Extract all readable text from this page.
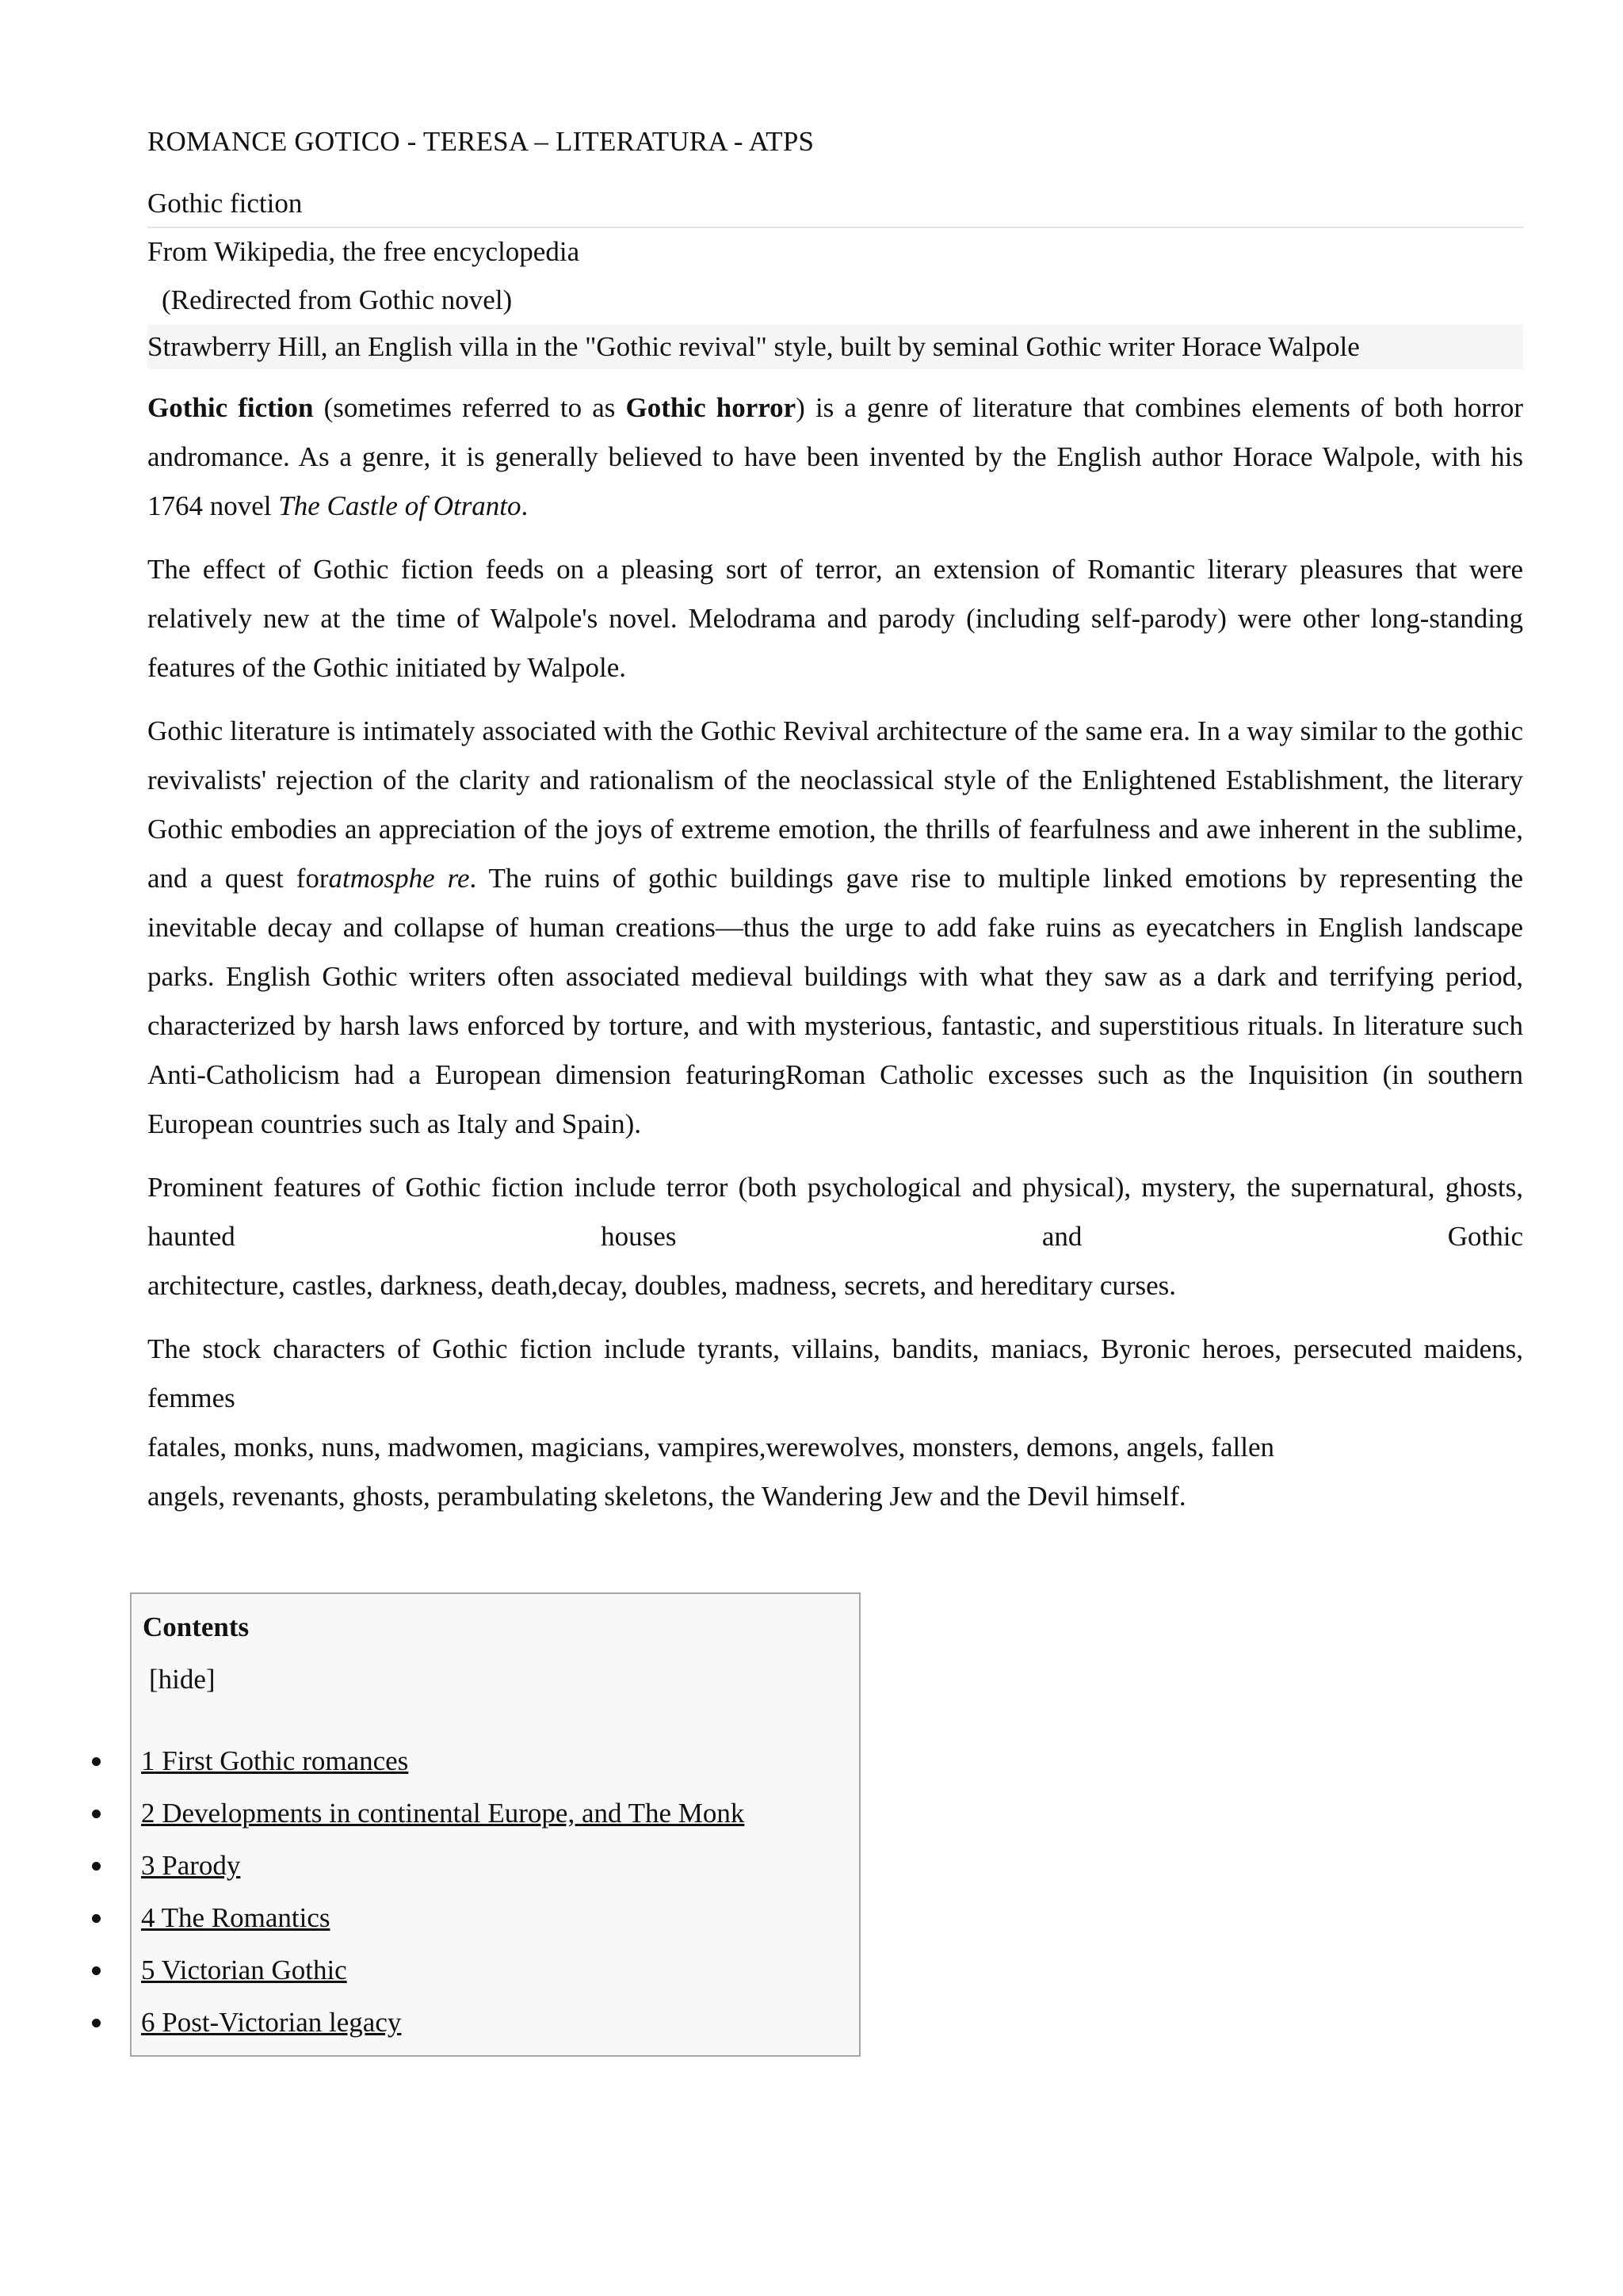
ROMANCE GOTICO - TERESA – LITERATURA - ATPS

Gothic fiction

From Wikipedia, the free encyclopedia

(Redirected from Gothic novel)

Strawberry Hill, an English villa in the "Gothic revival" style, built by seminal Gothic writer Horace Walpole

Gothic fiction (sometimes referred to as Gothic horror) is a genre of literature that combines elements of both horror andromance. As a genre, it is generally believed to have been invented by the English author Horace Walpole, with his 1764 novel The Castle of Otranto.

The effect of Gothic fiction feeds on a pleasing sort of terror, an extension of Romantic literary pleasures that were relatively new at the time of Walpole's novel. Melodrama and parody (including self-parody) were other long-standing features of the Gothic initiated by Walpole.

Gothic literature is intimately associated with the Gothic Revival architecture of the same era. In a way similar to the gothic revivalists' rejection of the clarity and rationalism of the neoclassical style of the Enlightened Establishment, the literary Gothic embodies an appreciation of the joys of extreme emotion, the thrills of fearfulness and awe inherent in the sublime, and a quest foratmosphe re. The ruins of gothic buildings gave rise to multiple linked emotions by representing the inevitable decay and collapse of human creations—thus the urge to add fake ruins as eyecatchers in English landscape parks. English Gothic writers often associated medieval buildings with what they saw as a dark and terrifying period, characterized by harsh laws enforced by torture, and with mysterious, fantastic, and superstitious rituals. In literature such Anti-Catholicism had a European dimension featuringRoman Catholic excesses such as the Inquisition (in southern European countries such as Italy and Spain).

Prominent features of Gothic fiction include terror (both psychological and physical), mystery, the supernatural, ghosts, haunted	houses and Gothic

architecture, castles, darkness, death,decay, doubles, madness, secrets, and hereditary curses.

The stock characters of Gothic fiction include tyrants, villains, bandits, maniacs, Byronic heroes, persecuted maidens, femmes

fatales, monks, nuns, madwomen, magicians, vampires,werewolves, monsters, demons, angels, fallen

angels, revenants, ghosts, perambulating skeletons, the Wandering Jew and the Devil himself.

Contents
[hide]
1 First Gothic romances
2 Developments in continental Europe, and The Monk
3 Parody
4 The Romantics
5 Victorian Gothic
6 Post-Victorian legacy
